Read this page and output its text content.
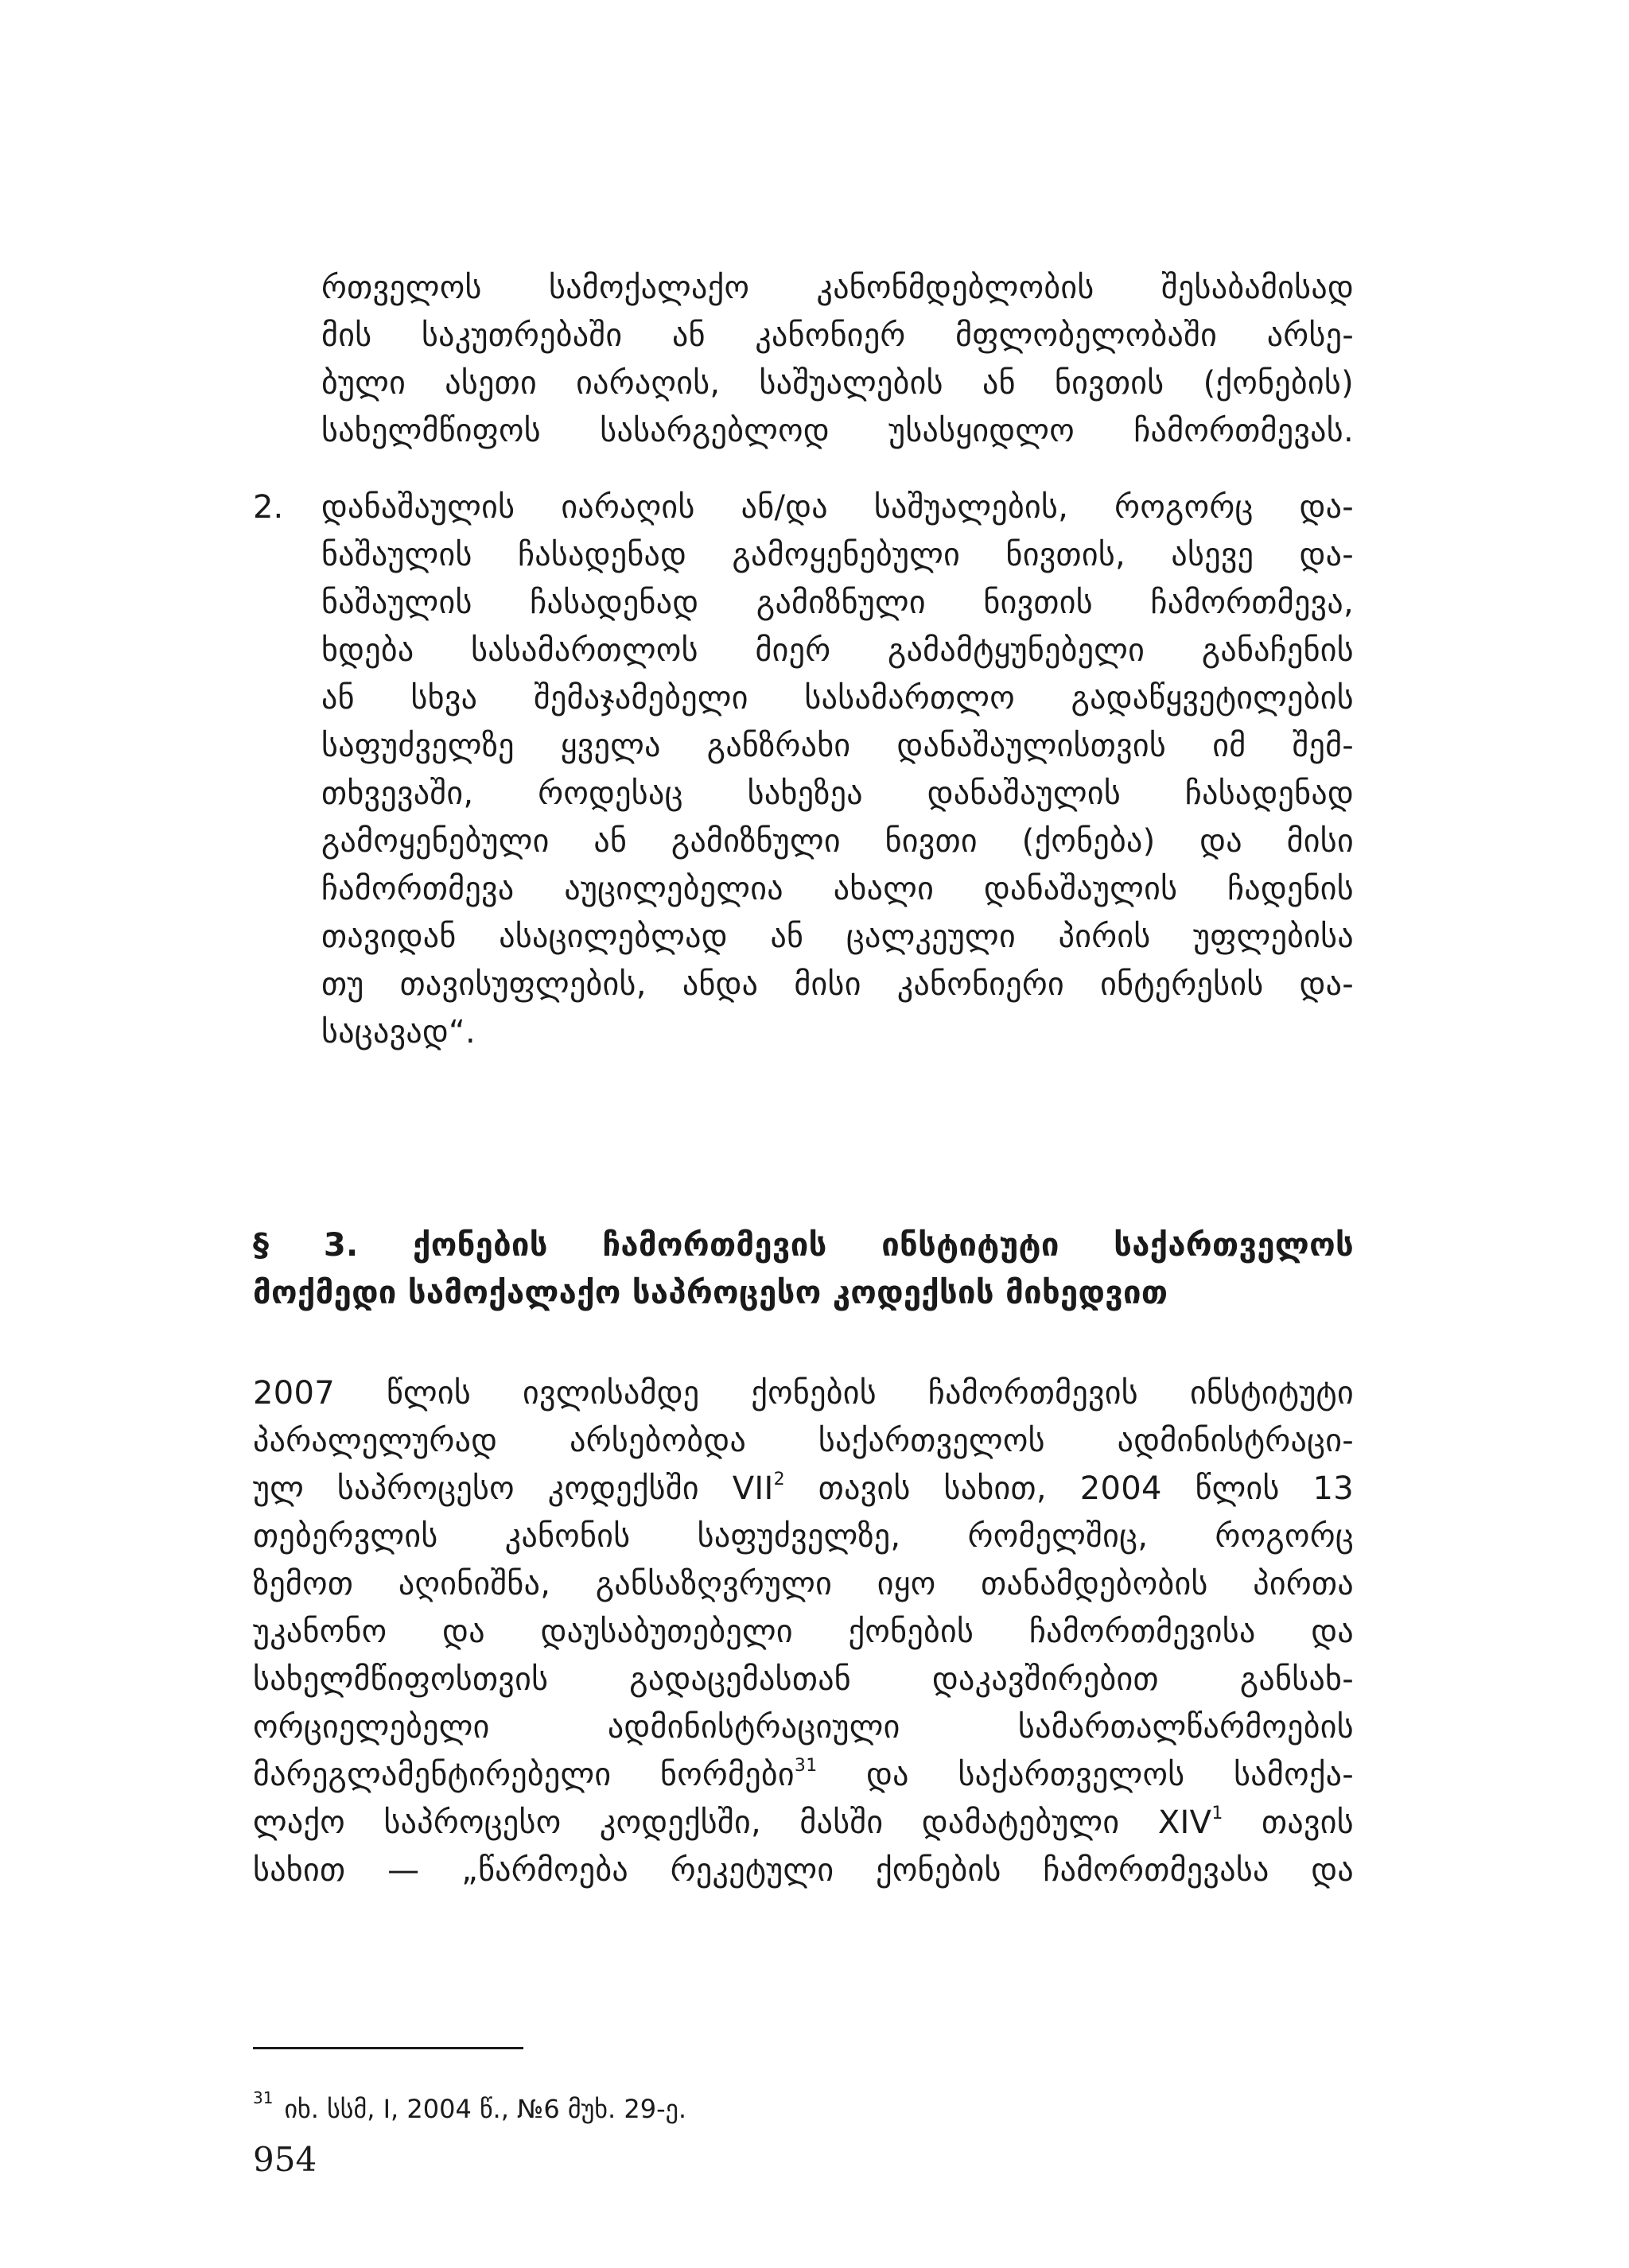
რთველოს სამოქალაქო კანონმდებლობის შესაბამისად
მის საკუთრებაში ან კანონიერ მფლობელობაში არსე-
ბული ასეთი იარაღის, საშუალების ან ნივთის (ქონების)
სახელმწიფოს სასარგებლოდ უსასყიდლო ჩამორთმევას.
2. დანაშაულის იარაღის ან/და საშუალების, როგორც და-
ნაშაულის ჩასადენად გამოყენებული ნივთის, ასევე და-
ნაშაულის ჩასადენად გამიზნული ნივთის ჩამორთმევა,
ხდება სასამართლოს მიერ გამამტყუნებელი განაჩენის
ან სხვა შემაჯამებელი სასამართლო გადაწყვეტილების
საფუძველზე ყველა განზრახი დანაშაულისთვის იმ შემ-
თხვევაში, როდესაც სახეზეა დანაშაულის ჩასადენად
გამოყენებული ან გამიზნული ნივთი (ქონება) და მისი
ჩამორთმევა აუცილებელია ახალი დანაშაულის ჩადენის
თავიდან ასაცილებლად ან ცალკეული პირის უფლებისა
თუ თავისუფლების, ანდა მისი კანონიერი ინტერესის და-
საცავად“.
§ 3. ქონების ჩამორთმევის ინსტიტუტი საქართველოს
მოქმედი სამოქალაქო საპროცესო კოდექსის მიხედვით
2007 წლის ივლისამდე ქონების ჩამორთმევის ინსტიტუტი
პარალელურად არსებობდა საქართველოს ადმინისტრაცი-
ულ საპროცესო კოდექსში VII$^2$ თავის სახით, 2004 წლის 13
თებერვლის კანონის საფუძველზე, რომელშიც, როგორც
ზემოთ აღინიშნა, განსაზღვრული იყო თანამდებობის პირთა
უკანონო და დაუსაბუთებელი ქონების ჩამორთმევისა და
სახელმწიფოსთვის გადაცემასთან დაკავშირებით განსახ-
ორციელებელი ადმინისტრაციული სამართალწარმოების
მარეგლამენტირებელი ნორმები$^{31}$ და საქართველოს სამოქა-
ლაქო საპროცესო კოდექსში, მასში დამატებული XIV$^1$ თავის
სახით — „წარმოება რეკეტული ქონების ჩამორთმევასა და
$^{31}$ იხ. სსმ, I, 2004 წ., №6 მუხ. 29-ე.
954
